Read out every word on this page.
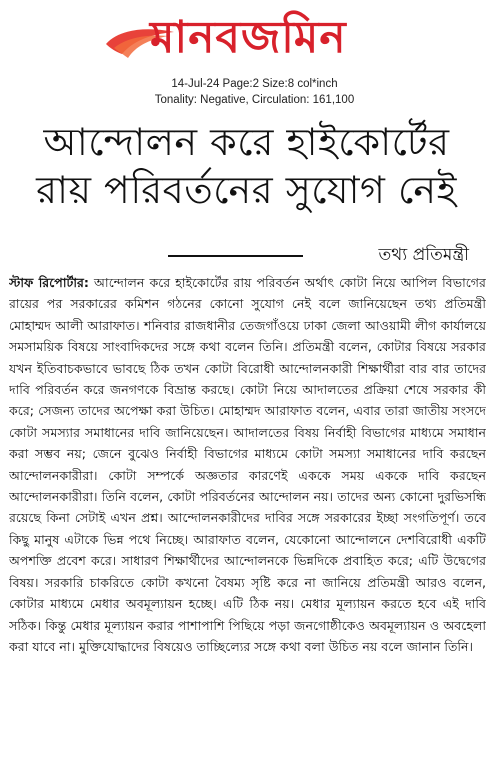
মানবজমিন
14-Jul-24 Page:2 Size:8 col*inch
Tonality: Negative, Circulation: 161,100
আন্দোলন করে হাইকোর্টের
রায় পরিবর্তনের সুযোগ নেই
তথ্য প্রতিমন্ত্রী
স্টাফ রিপোর্টার: আন্দোলন করে হাইকোর্টের রায় পরিবর্তন অর্থাৎ কোটা নিয়ে আপিল বিভাগের রায়ের পর সরকারের কমিশন গঠনের কোনো সুযোগ নেই বলে জানিয়েছেন তথ্য প্রতিমন্ত্রী মোহাম্মদ আলী আরাফাত। শনিবার রাজধানীর তেজগাঁওয়ে ঢাকা জেলা আওয়ামী লীগ কার্যালয়ে সমসাময়িক বিষয়ে সাংবাদিকদের সঙ্গে কথা বলেন তিনি। প্রতিমন্ত্রী বলেন, কোটার বিষয়ে সরকার যখন ইতিবাচকভাবে ভাবছে ঠিক তখন কোটা বিরোধী আন্দোলনকারী শিক্ষার্থীরা বার বার তাদের দাবি পরিবর্তন করে জনগণকে বিভ্রান্ত করছে। কোটা নিয়ে আদালতের প্রক্রিয়া শেষে সরকার কী করে; সেজন্য তাদের অপেক্ষা করা উচিত। মোহাম্মদ আরাফাত বলেন, এবার তারা জাতীয় সংসদে কোটা সমস্যার সমাধানের দাবি জানিয়েছেন। আদালতের বিষয় নির্বাহী বিভাগের মাধ্যমে সমাধান করা সম্ভব নয়; জেনে বুঝেও নির্বাহী বিভাগের মাধ্যমে কোটা সমস্যা সমাধানের দাবি করছেন আন্দোলনকারীরা। কোটা সম্পর্কে অজ্ঞতার কারণেই এককে সময় এককে দাবি করছেন আন্দোলনকারীরা। তিনি বলেন, কোটা পরিবর্তনের আন্দোলন নয়। তাদের অন্য কোনো দুরভিসন্ধি রয়েছে কিনা সেটাই এখন প্রশ্ন। আন্দোলনকারীদের দাবির সঙ্গে সরকারের ইচ্ছা সংগতিপূর্ণ। তবে কিছু মানুষ এটাকে ভিন্ন পথে নিচ্ছে। আরাফাত বলেন, যেকোনো আন্দোলনে দেশবিরোধী একটি অপশক্তি প্রবেশ করে। সাধারণ শিক্ষার্থীদের আন্দোলনকে ভিন্নদিকে প্রবাহিত করে; এটি উদ্বেগের বিষয়। সরকারি চাকরিতে কোটা কখনো বৈষম্য সৃষ্টি করে না জানিয়ে প্রতিমন্ত্রী আরও বলেন, কোটার মাধ্যমে মেধার অবমূল্যায়ন হচ্ছে। এটি ঠিক নয়। মেধার মূল্যায়ন করতে হবে এই দাবি সঠিক। কিন্তু মেধার মূল্যায়ন করার পাশাপাশি পিছিয়ে পড়া জনগোষ্ঠীকেও অবমূল্যায়ন ও অবহেলা করা যাবে না। মুক্তিযোদ্ধাদের বিষয়েও তাচ্ছিল্যের সঙ্গে কথা বলা উচিত নয় বলে জানান তিনি।
